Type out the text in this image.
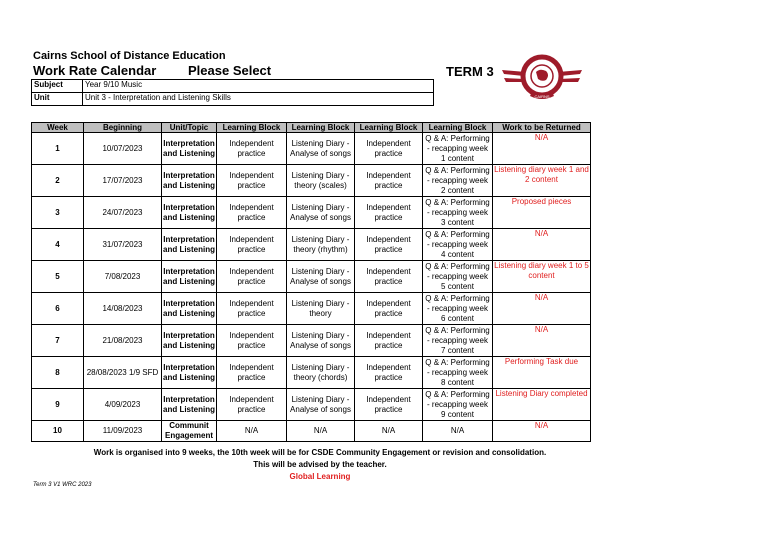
Cairns School of Distance Education
Work Rate Calendar Please Select	TERM 3
CAIRNS
Subject	Year 9/10 Music
Unit	Unit 3 - Interpretation and Listening Skills
Week	Beginning	Unit/Topic	Learning Block	Learning Block	Learning Block	Learning Block	Work to be Returned
1	10/07/2023	Interpretation and Listening	Independent practice	Listening Diary - Analyse of songs	Independent practice	Q & A: Performing - recapping week 1 content	N/A
2	17/07/2023	Interpretation and Listening	Independent practice	Listening Diary - theory (scales)	Independent practice	Q & A: Performing - recapping week 2 content	Listening diary week 1 and 2 content
3	24/07/2023	Interpretation and Listening	Independent practice	Listening Diary - Analyse of songs	Independent practice	Q & A: Performing - recapping week 3 content	Proposed pieces
4	31/07/2023	Interpretation and Listening	Independent practice	Listening Diary - theory (rhythm)	Independent practice	Q & A: Performing - recapping week 4 content	N/A
5	7/08/2023	Interpretation and Listening	Independent practice	Listening Diary - Analyse of songs	Independent practice	Q & A: Performing - recapping week 5 content	Listening diary week 1 to 5 content
6	14/08/2023	Interpretation and Listening	Independent practice	Listening Diary - theory	Independent practice	Q & A: Performing - recapping week 6 content	N/A
7	21/08/2023	Interpretation and Listening	Independent practice	Listening Diary - Analyse of songs	Independent practice	Q & A: Performing - recapping week 7 content	N/A
8	28/08/2023 1/9 SFD	Interpretation and Listening	Independent practice	Listening Diary - theory (chords)	Independent practice	Q & A: Performing - recapping week 8 content	Performing Task due
9	4/09/2023	Interpretation and Listening	Independent practice	Listening Diary - Analyse of songs	Independent practice	Q & A: Performing - recapping week 9 content	Listening Diary completed
10	11/09/2023	Communit Engagement	N/A	N/A	N/A	N/A	N/A
Work is organised into 9 weeks, the 10th week will be for CSDE Community Engagement or revision and consolidation.
This will be advised by the teacher.
Global Learning
Term 3 V1 WRC 2023
